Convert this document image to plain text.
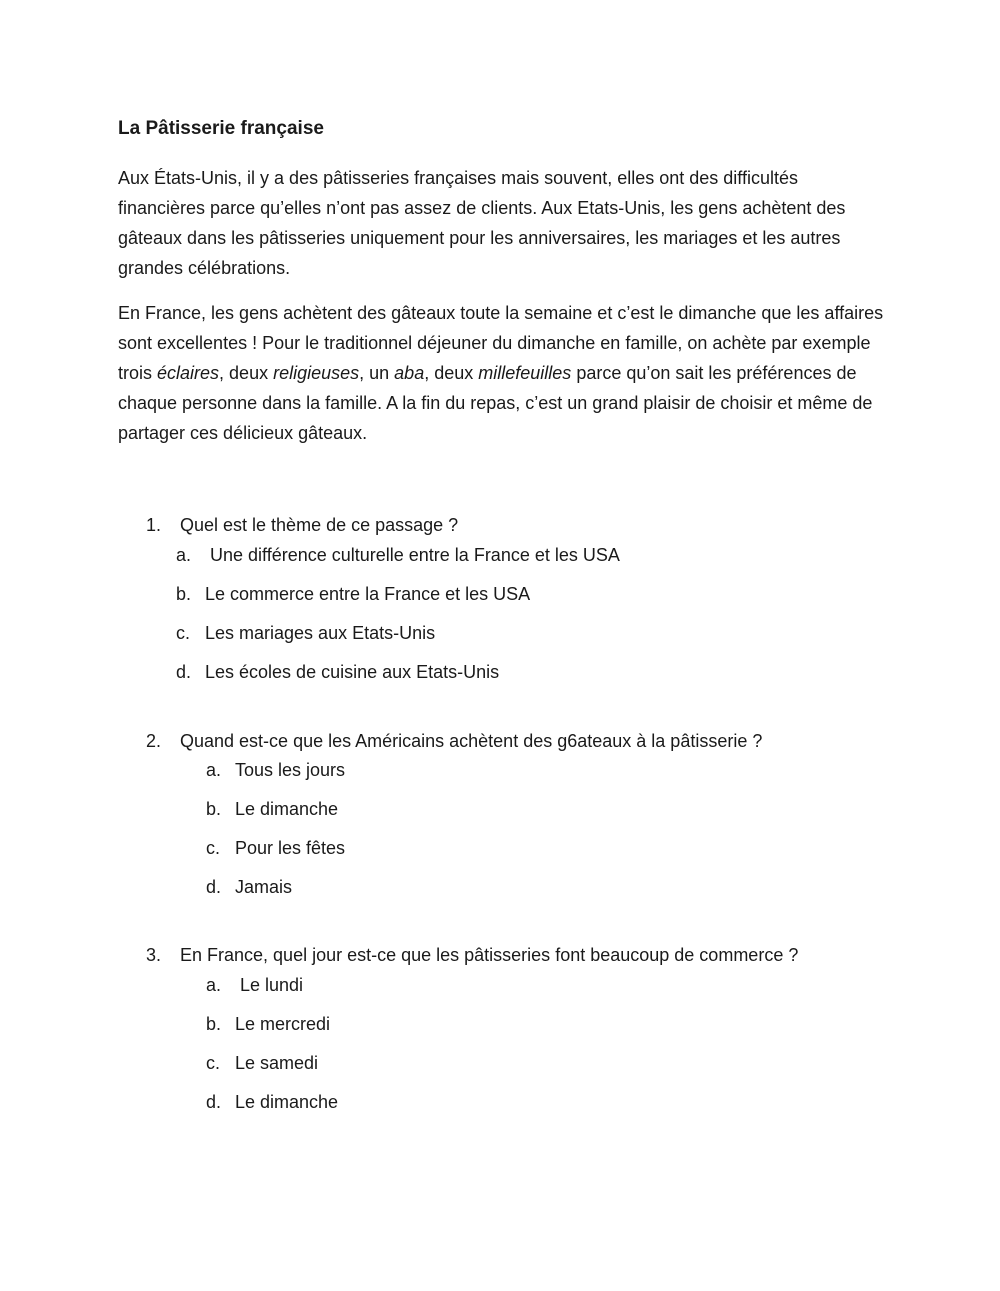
La Pâtisserie française

Aux États-Unis, il y a des pâtisseries françaises mais souvent, elles ont des difficultés financières parce qu’elles n’ont pas assez de clients. Aux Etats-Unis, les gens achètent des gâteaux dans les pâtisseries uniquement pour les anniversaires, les mariages et les autres grandes célébrations.

En France, les gens achètent des gâteaux toute la semaine et c’est le dimanche que les affaires sont excellentes ! Pour le traditionnel déjeuner du dimanche en famille, on achète par exemple trois éclaires, deux religieuses, un aba, deux millefeuilles parce qu’on sait les préférences de chaque personne dans la famille. A la fin du repas, c’est un grand plaisir de choisir et même de partager ces délicieux gâteaux.

1. Quel est le thème de ce passage ?
a. Une différence culturelle entre la France et les USA
b. Le commerce entre la France et les USA
c. Les mariages aux Etats-Unis
d. Les écoles de cuisine aux Etats-Unis
2. Quand est-ce que les Américains achètent des g6ateaux à la pâtisserie ?
a. Tous les jours
b. Le dimanche
c. Pour les fêtes
d. Jamais
3. En France, quel jour est-ce que les pâtisseries font beaucoup de commerce ?
a. Le lundi
b. Le mercredi
c. Le samedi
d. Le dimanche
